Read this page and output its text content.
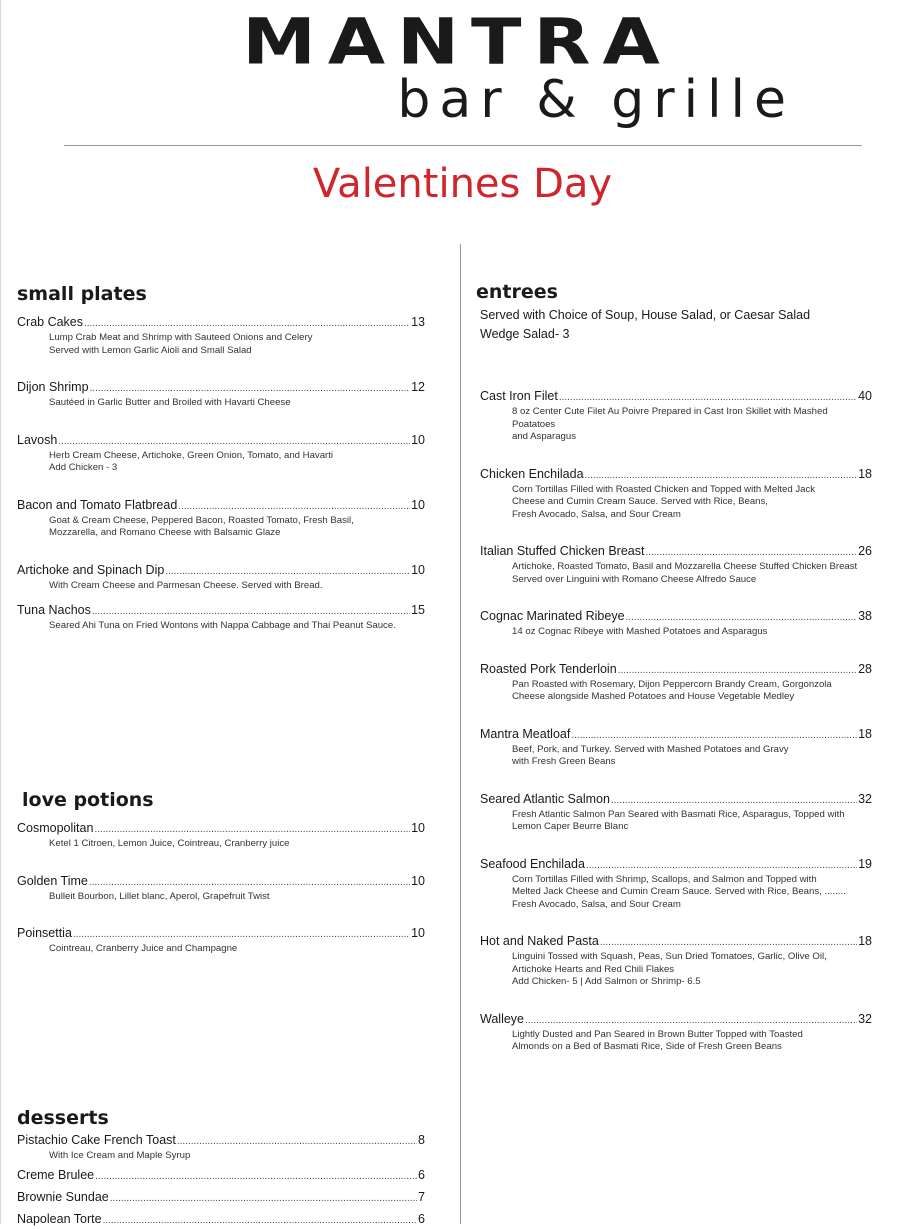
MANTRA
bar & grille
Valentines Day
small plates
Crab Cakes .....	13
Lump Crab Meat and Shrimp with Sauteed Onions and Celery
Served with Lemon Garlic Aioli and Small Salad
Dijon Shrimp .....	12
Sautéed in Garlic Butter and Broiled with Havarti Cheese
Lavosh .....	10
Herb Cream Cheese, Artichoke, Green Onion, Tomato, and Havarti
Add Chicken - 3
Bacon and Tomato Flatbread .....	10
Goat & Cream Cheese, Peppered Bacon, Roasted Tomato, Fresh Basil,
Mozzarella, and Romano Cheese with Balsamic Glaze
Artichoke and Spinach Dip .....	10
With Cream Cheese and Parmesan Cheese. Served with Bread.
Tuna Nachos .....	15
Seared Ahi Tuna on Fried Wontons with Nappa Cabbage and Thai Peanut Sauce.
love potions
Cosmopolitan .....	10
Ketel 1 Citroen, Lemon Juice, Cointreau, Cranberry juice
Golden Time .....	10
Bulleit Bourbon, Lillet blanc, Aperol, Grapefruit Twist
Poinsettia .....	10
Cointreau, Cranberry Juice and Champagne
desserts
Pistachio Cake French Toast .....	8
With Ice Cream and Maple Syrup
Creme Brulee .....	6
Brownie Sundae .....	7
Napolean Torte .....	6
entrees
Served with Choice of Soup, House Salad, or Caesar Salad
Wedge Salad- 3
Cast Iron Filet .....	40
8 oz Center Cute Filet Au Poivre Prepared in Cast Iron Skillet with Mashed Poatatoes
and Asparagus
Chicken Enchilada .....	18
Corn Tortillas Filled with Roasted Chicken and Topped with Melted Jack
Cheese and Cumin Cream Sauce. Served with Rice, Beans,
Fresh Avocado, Salsa, and Sour Cream
Italian Stuffed Chicken Breast .....	26
Artichoke, Roasted Tomato, Basil and Mozzarella Cheese Stuffed Chicken Breast
Served over Linguini with Romano Cheese Alfredo Sauce
Cognac Marinated Ribeye .....	38
14 oz Cognac Ribeye with Mashed Potatoes and Asparagus
Roasted Pork Tenderloin .....	28
Pan Roasted with Rosemary, Dijon Peppercorn Brandy Cream, Gorgonzola
Cheese alongside Mashed Potatoes and House Vegetable Medley
Mantra Meatloaf .....	18
Beef, Pork, and Turkey. Served with Mashed Potatoes and Gravy
with Fresh Green Beans
Seared Atlantic Salmon .....	32
Fresh Atlantic Salmon Pan Seared with Basmati Rice, Asparagus, Topped with
Lemon Caper Beurre Blanc
Seafood Enchilada .....	19
Corn Tortillas Filled with Shrimp, Scallops, and Salmon and Topped with
Melted Jack Cheese and Cumin Cream Sauce. Served with Rice, Beans, ........
Fresh Avocado, Salsa, and Sour Cream
Hot and Naked Pasta .....	18
Linguini Tossed with Squash, Peas, Sun Dried Tomatoes, Garlic, Olive Oil,
Artichoke Hearts and Red Chili Flakes
Add Chicken- 5 | Add Salmon or Shrimp- 6.5
Walleye .....	32
Lightly Dusted and Pan Seared in Brown Butter Topped with Toasted
Almonds on a Bed of Basmati Rice, Side of Fresh Green Beans
